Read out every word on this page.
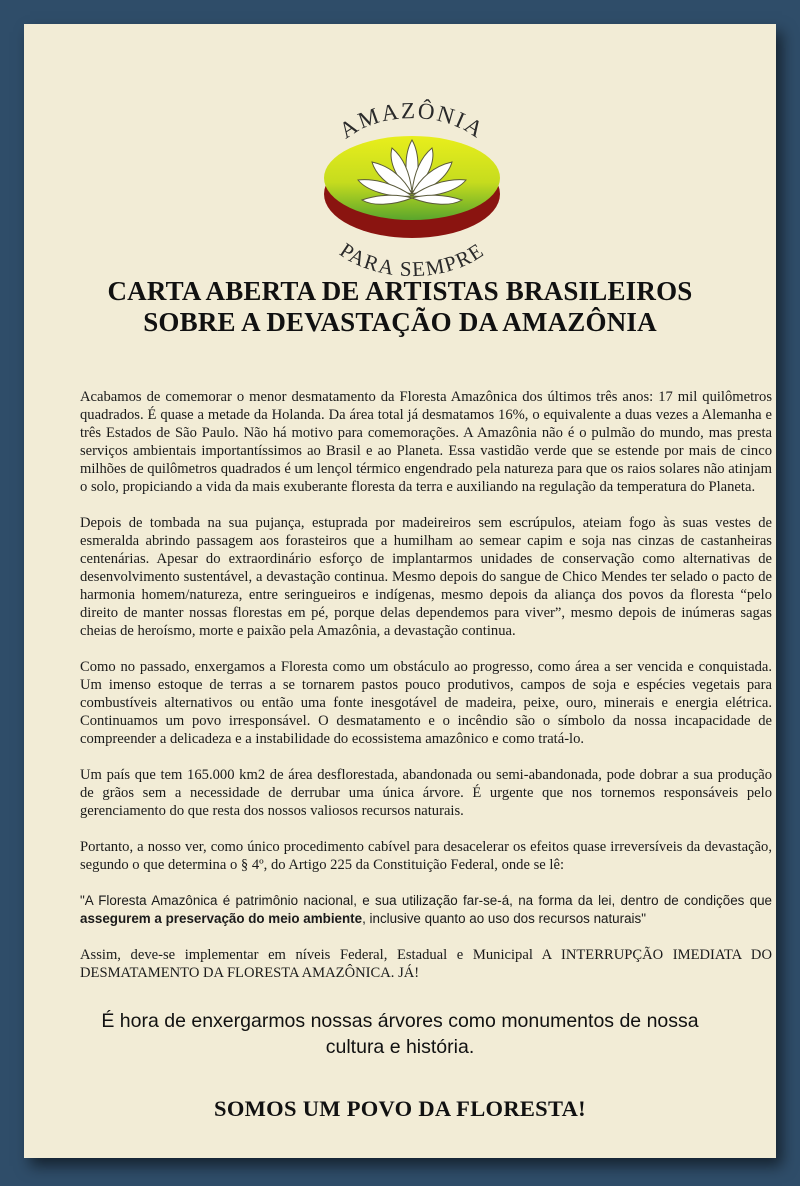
AMAZÔNIA
PARA SEMPRE
CARTA ABERTA DE ARTISTAS BRASILEIROS
SOBRE A DEVASTAÇÃO DA AMAZÔNIA

Acabamos de comemorar o menor desmatamento da Floresta Amazônica dos últimos três anos: 17 mil quilômetros quadrados. É quase a metade da Holanda. Da área total já desmatamos 16%, o equivalente a duas vezes a Alemanha e três Estados de São Paulo. Não há motivo para comemorações. A Amazônia não é o pulmão do mundo, mas presta serviços ambientais importantíssimos ao Brasil e ao Planeta. Essa vastidão verde que se estende por mais de cinco milhões de quilômetros quadrados é um lençol térmico engendrado pela natureza para que os raios solares não atinjam o solo, propiciando a vida da mais exuberante floresta da terra e auxiliando na regulação da temperatura do Planeta.

Depois de tombada na sua pujança, estuprada por madeireiros sem escrúpulos, ateiam fogo às suas vestes de esmeralda abrindo passagem aos forasteiros que a humilham ao semear capim e soja nas cinzas de castanheiras centenárias. Apesar do extraordinário esforço de implantarmos unidades de conservação como alternativas de desenvolvimento sustentável, a devastação continua. Mesmo depois do sangue de Chico Mendes ter selado o pacto de harmonia homem/natureza, entre seringueiros e indígenas, mesmo depois da aliança dos povos da floresta “pelo direito de manter nossas florestas em pé, porque delas dependemos para viver”, mesmo depois de inúmeras sagas cheias de heroísmo, morte e paixão pela Amazônia, a devastação continua.

Como no passado, enxergamos a Floresta como um obstáculo ao progresso, como área a ser vencida e conquistada. Um imenso estoque de terras a se tornarem pastos pouco produtivos, campos de soja e espécies vegetais para combustíveis alternativos ou então uma fonte inesgotável de madeira, peixe, ouro, minerais e energia elétrica. Continuamos um povo irresponsável. O desmatamento e o incêndio são o símbolo da nossa incapacidade de compreender a delicadeza e a instabilidade do ecossistema amazônico e como tratá-lo.

Um país que tem 165.000 km2 de área desflorestada, abandonada ou semi-abandonada, pode dobrar a sua produção de grãos sem a necessidade de derrubar uma única árvore. É urgente que nos tornemos responsáveis pelo gerenciamento do que resta dos nossos valiosos recursos naturais.

Portanto, a nosso ver, como único procedimento cabível para desacelerar os efeitos quase irreversíveis da devastação, segundo o que determina o § 4º, do Artigo 225 da Constituição Federal, onde se lê:

"A Floresta Amazônica é patrimônio nacional, e sua utilização far-se-á, na forma da lei, dentro de condições que assegurem a preservação do meio ambiente, inclusive quanto ao uso dos recursos naturais"

Assim, deve-se implementar em níveis Federal, Estadual e Municipal A INTERRUPÇÃO IMEDIATA DO DESMATAMENTO DA FLORESTA AMAZÔNICA. JÁ!

É hora de enxergarmos nossas árvores como monumentos de nossa
cultura e história.
SOMOS UM POVO DA FLORESTA!
